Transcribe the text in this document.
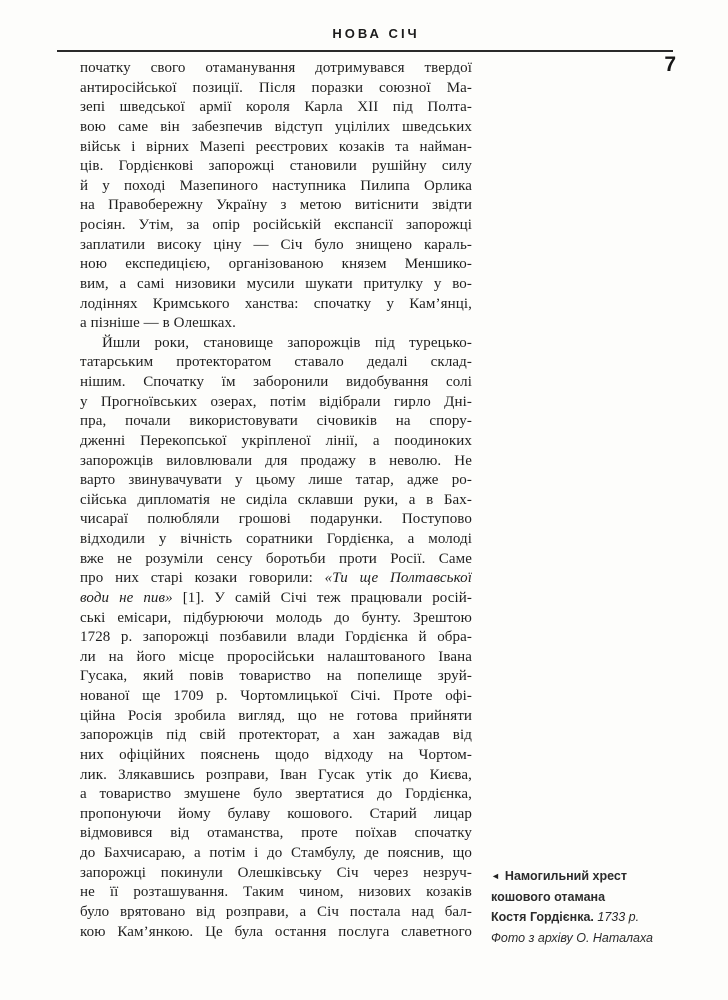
НОВА СІЧ
7
початку свого отаманування дотримувався твердої
антиросійської позиції. Після поразки союзної Ма-
зепі шведської армії короля Карла XII під Полта-
вою саме він забезпечив відступ уцілілих шведських
військ і вірних Мазепі реєстрових козаків та найман-
ців. Гордієнкові запорожці становили рушійну силу
й у поході Мазепиного наступника Пилипа Орлика
на Правобережну Україну з метою витіснити звідти
росіян. Утім, за опір російській експансії запорожці
заплатили високу ціну — Січ було знищено караль-
ною експедицією, організованою князем Меншико-
вим, а самі низовики мусили шукати притулку у во-
лодіннях Кримського ханства: спочатку у Кам’янці,
а пізніше — в Олешках.
Йшли роки, становище запорожців під турецько-
татарським протекторатом ставало дедалі склад-
нішим. Спочатку їм заборонили видобування солі
у Прогноївських озерах, потім відібрали гирло Дні-
пра, почали використовувати січовиків на спору-
дженні Перекопської укріпленої лінії, а поодиноких
запорожців виловлювали для продажу в неволю. Не
варто звинувачувати у цьому лише татар, адже ро-
сійська дипломатія не сиділа склавши руки, а в Бах-
чисараї полюбляли грошові подарунки. Поступово
відходили у вічність соратники Гордієнка, а молоді
вже не розуміли сенсу боротьби проти Росії. Саме
про них старі козаки говорили: «Ти ще Полтавської
води не пив» [1]. У самій Січі теж працювали росій-
ські емісари, підбурюючи молодь до бунту. Зрештою
1728 р. запорожці позбавили влади Гордієнка й обра-
ли на його місце проросійськи налаштованого Івана
Гусака, який повів товариство на попелище зруй-
нованої ще 1709 р. Чортомлицької Січі. Проте офі-
ційна Росія зробила вигляд, що не готова прийняти
запорожців під свій протекторат, а хан зажадав від
них офіційних пояснень щодо відходу на Чортом-
лик. Злякавшись розправи, Іван Гусак утік до Києва,
а товариство змушене було звертатися до Гордієнка,
пропонуючи йому булаву кошового. Старий лицар
відмовився від отаманства, проте поїхав спочатку
до Бахчисараю, а потім і до Стамбулу, де пояснив, що
запорожці покинули Олешківську Січ через незруч-
не її розташування. Таким чином, низових козаків
було врятовано від розправи, а Січ постала над бал-
кою Кам’янкою. Це була остання послуга славетного
◄ Намогильний хрест
кошового отамана
Костя Гордієнка. 1733 р.
Фото з архіву О. Наталаха
